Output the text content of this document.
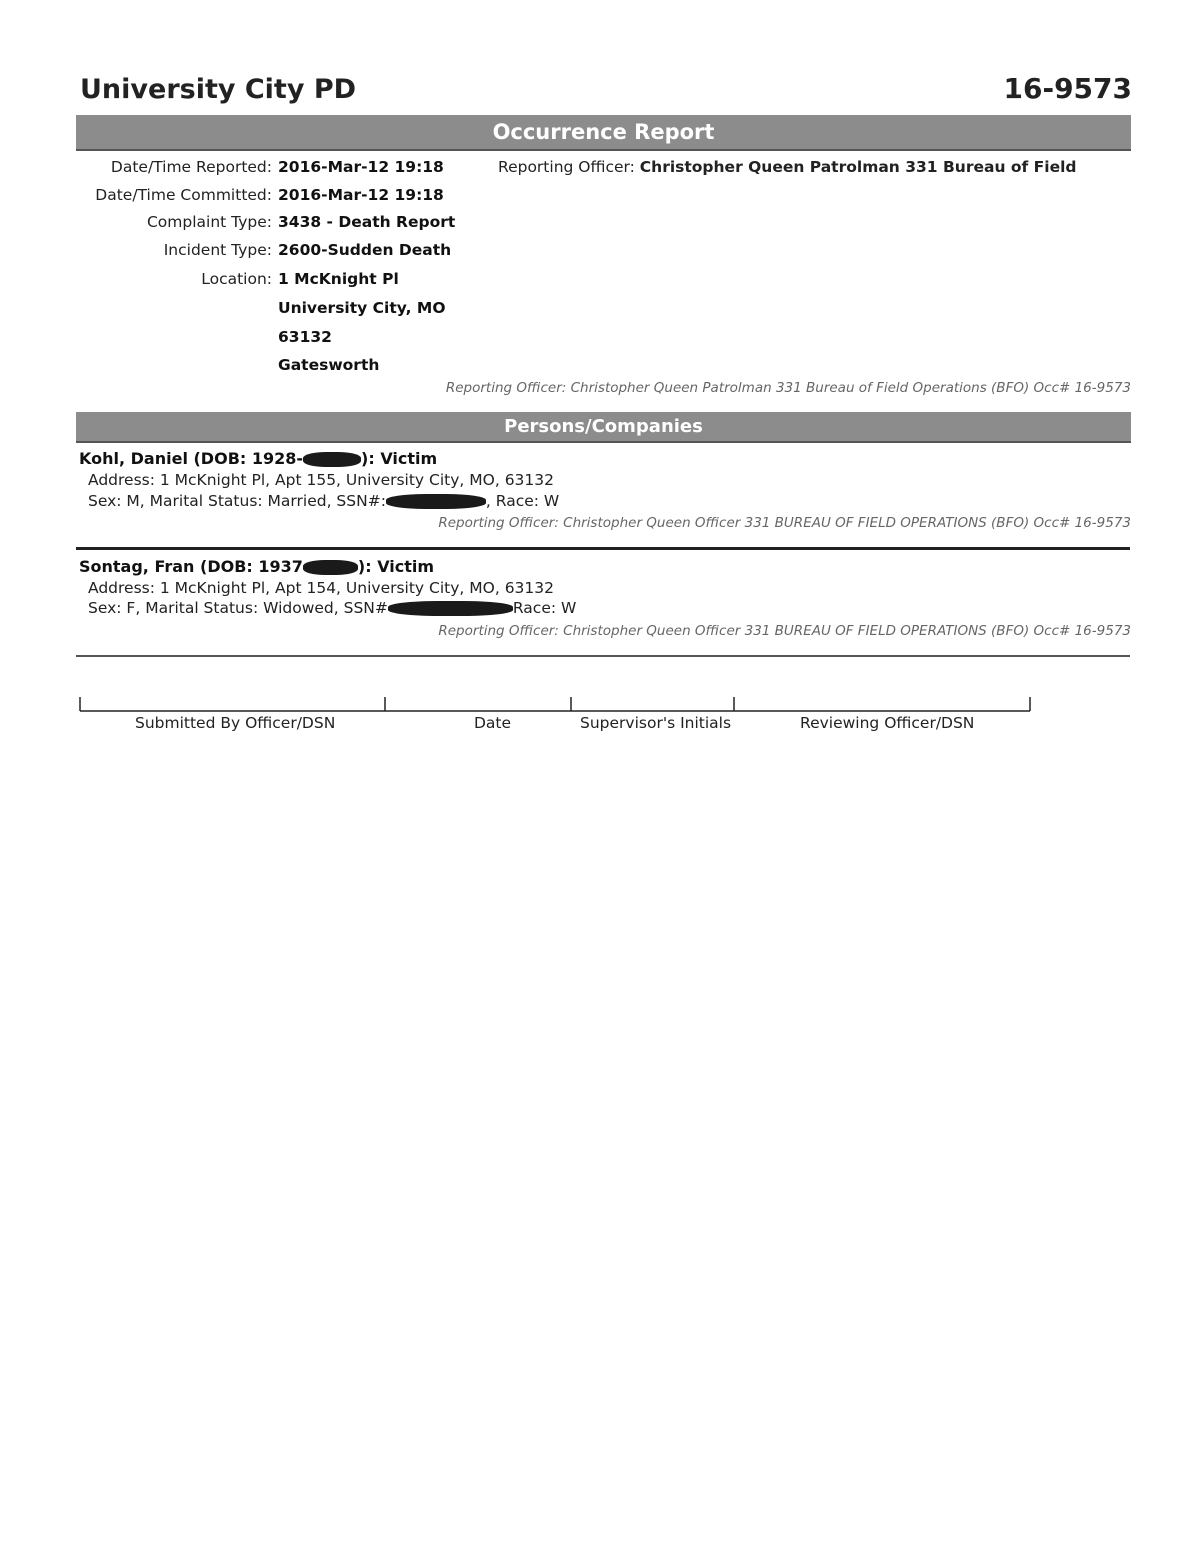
University City PD	16-9573
Occurrence Report
Date/Time Reported: 2016-Mar-12 19:18
Date/Time Committed: 2016-Mar-12 19:18
Complaint Type: 3438 - Death Report
Incident Type: 2600-Sudden Death
Location: 1 McKnight Pl
University City, MO
63132
Gatesworth
Reporting Officer: Christopher Queen Patrolman 331 Bureau of Field
Reporting Officer: Christopher Queen Patrolman 331 Bureau of Field Operations (BFO) Occ# 16-9573
Persons/Companies
Kohl, Daniel (DOB: 1928-	): Victim
Address: 1 McKnight Pl, Apt 155, University City, MO, 63132
Sex: M, Marital Status: Married, SSN#:	, Race: W
Reporting Officer: Christopher Queen Officer 331 BUREAU OF FIELD OPERATIONS (BFO) Occ# 16-9573
Sontag, Fran (DOB: 1937	): Victim
Address: 1 McKnight Pl, Apt 154, University City, MO, 63132
Sex: F, Marital Status: Widowed, SSN#	Race: W
Reporting Officer: Christopher Queen Officer 331 BUREAU OF FIELD OPERATIONS (BFO) Occ# 16-9573
Submitted By Officer/DSN	Date	Supervisor's Initials	Reviewing Officer/DSN
